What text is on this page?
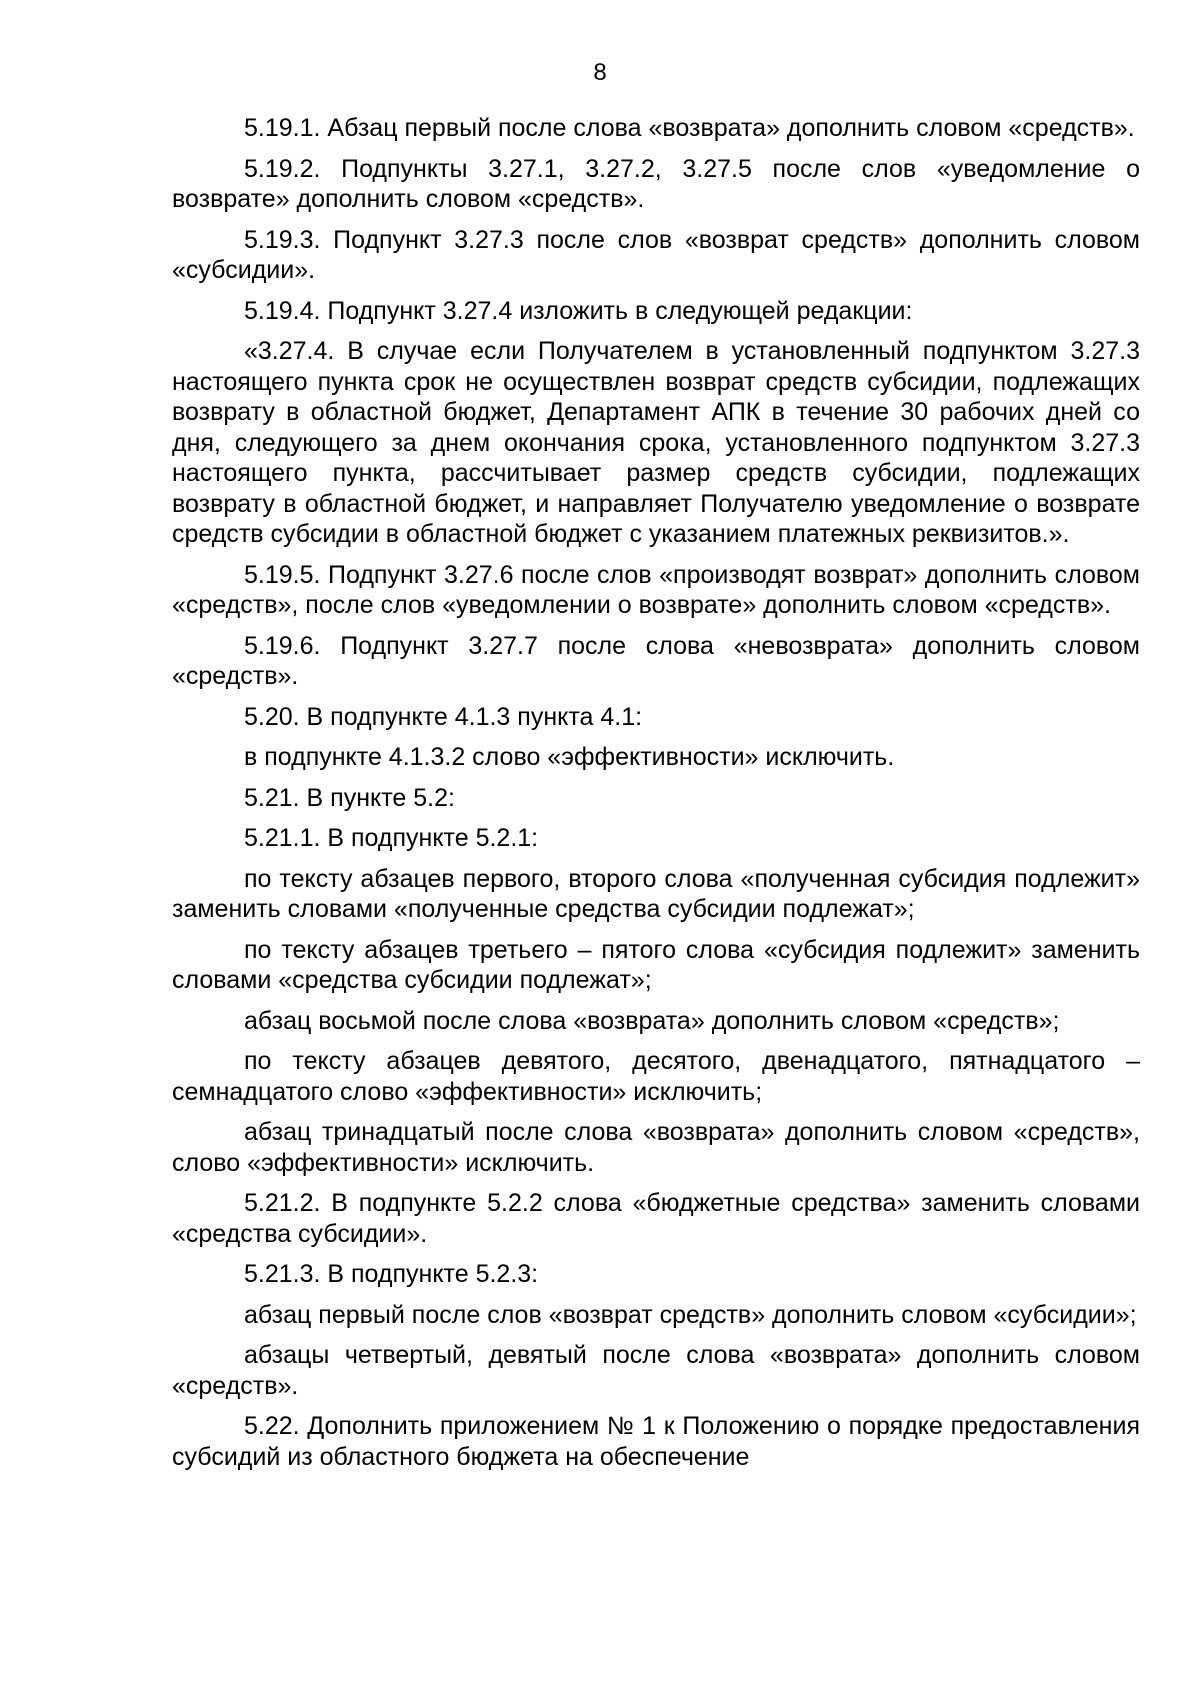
8

5.19.1. Абзац первый после слова «возврата» дополнить словом «средств».

5.19.2. Подпункты 3.27.1, 3.27.2, 3.27.5 после слов «уведомление о возврате» дополнить словом «средств».

5.19.3. Подпункт 3.27.3 после слов «возврат средств» дополнить словом «субсидии».

5.19.4. Подпункт 3.27.4 изложить в следующей редакции:

«3.27.4. В случае если Получателем в установленный подпунктом 3.27.3 настоящего пункта срок не осуществлен возврат средств субсидии, подлежащих возврату в областной бюджет, Департамент АПК в течение 30 рабочих дней со дня, следующего за днем окончания срока, установленного подпунктом 3.27.3 настоящего пункта, рассчитывает размер средств субсидии, подлежащих возврату в областной бюджет, и направляет Получателю уведомление о возврате средств субсидии в областной бюджет с указанием платежных реквизитов.».

5.19.5. Подпункт 3.27.6 после слов «производят возврат» дополнить словом «средств», после слов «уведомлении о возврате» дополнить словом «средств».

5.19.6. Подпункт 3.27.7 после слова «невозврата» дополнить словом «средств».

5.20. В подпункте 4.1.3 пункта 4.1:

в подпункте 4.1.3.2 слово «эффективности» исключить.

5.21. В пункте 5.2:

5.21.1. В подпункте 5.2.1:

по тексту абзацев первого, второго слова «полученная субсидия подлежит» заменить словами «полученные средства субсидии подлежат»;

по тексту абзацев третьего – пятого слова «субсидия подлежит» заменить словами «средства субсидии подлежат»;

абзац восьмой после слова «возврата» дополнить словом «средств»;

по тексту абзацев девятого, десятого, двенадцатого, пятнадцатого – семнадцатого слово «эффективности» исключить;

абзац тринадцатый после слова «возврата» дополнить словом «средств», слово «эффективности» исключить.

5.21.2. В подпункте 5.2.2 слова «бюджетные средства» заменить словами «средства субсидии».

5.21.3. В подпункте 5.2.3:

абзац первый после слов «возврат средств» дополнить словом «субсидии»;

абзацы четвертый, девятый после слова «возврата» дополнить словом «средств».

5.22. Дополнить приложением № 1 к Положению о порядке предоставления субсидий из областного бюджета на обеспечение
